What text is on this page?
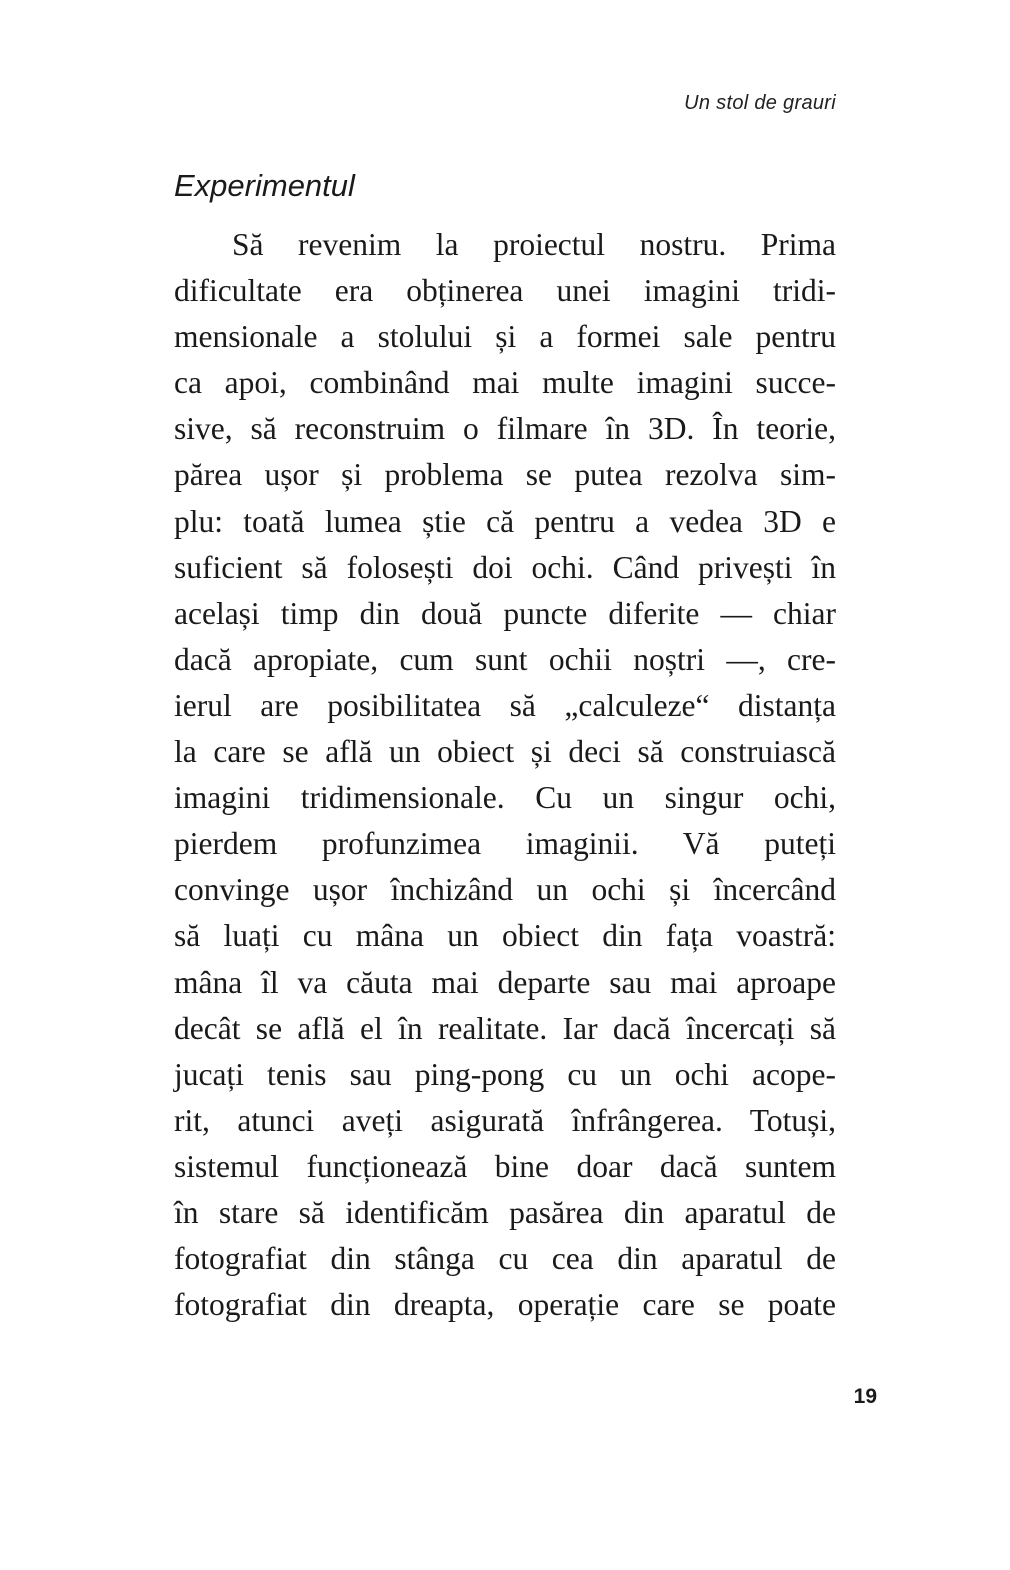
Un stol de grauri
Experimentul
Să revenim la proiectul nostru. Prima
dificultate era obținerea unei imagini tridi-
mensionale a stolului și a formei sale pentru
ca apoi, combinând mai multe imagini succe-
sive, să reconstruim o filmare în 3D. În teorie,
părea ușor și problema se putea rezolva sim-
plu: toată lumea știe că pentru a vedea 3D e
suficient să folosești doi ochi. Când privești în
același timp din două puncte diferite — chiar
dacă apropiate, cum sunt ochii noștri —, cre-
ierul are posibilitatea să „calculeze“ distanța
la care se află un obiect și deci să construiască
imagini tridimensionale. Cu un singur ochi,
pierdem profunzimea imaginii. Vă puteți
convinge ușor închizând un ochi și încercând
să luați cu mâna un obiect din fața voastră:
mâna îl va căuta mai departe sau mai aproape
decât se află el în realitate. Iar dacă încercați să
jucați tenis sau ping-pong cu un ochi acope-
rit, atunci aveți asigurată înfrângerea. Totuși,
sistemul funcționează bine doar dacă suntem
în stare să identificăm pasărea din aparatul de
fotografiat din stânga cu cea din aparatul de
fotografiat din dreapta, operație care se poate
19
